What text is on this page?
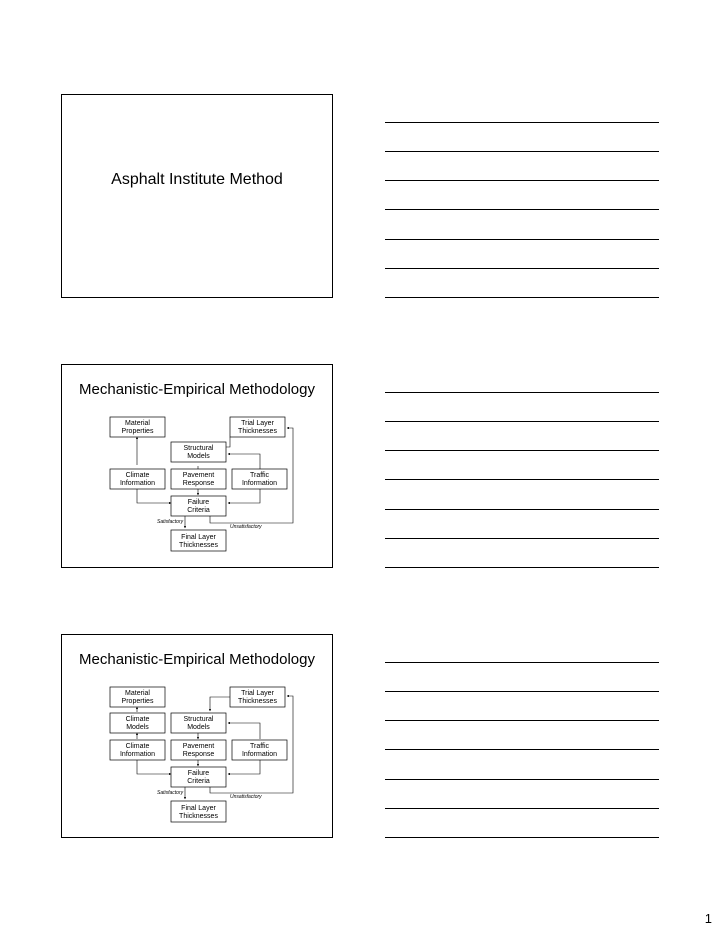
Asphalt Institute Method
Mechanistic-Empirical Methodology
Material
Properties
Trial Layer
Thicknesses
Structural
Models
Climate
Information
Pavement
Response
Traffic
Information
Failure
Criteria
Final Layer
Thicknesses
Satisfactory
Unsatisfactory
Mechanistic-Empirical Methodology
Material
Properties
Trial Layer
Thicknesses
Climate
Models
Structural
Models
Climate
Information
Pavement
Response
Traffic
Information
Failure
Criteria
Final Layer
Thicknesses
Satisfactory
Unsatisfactory
1
